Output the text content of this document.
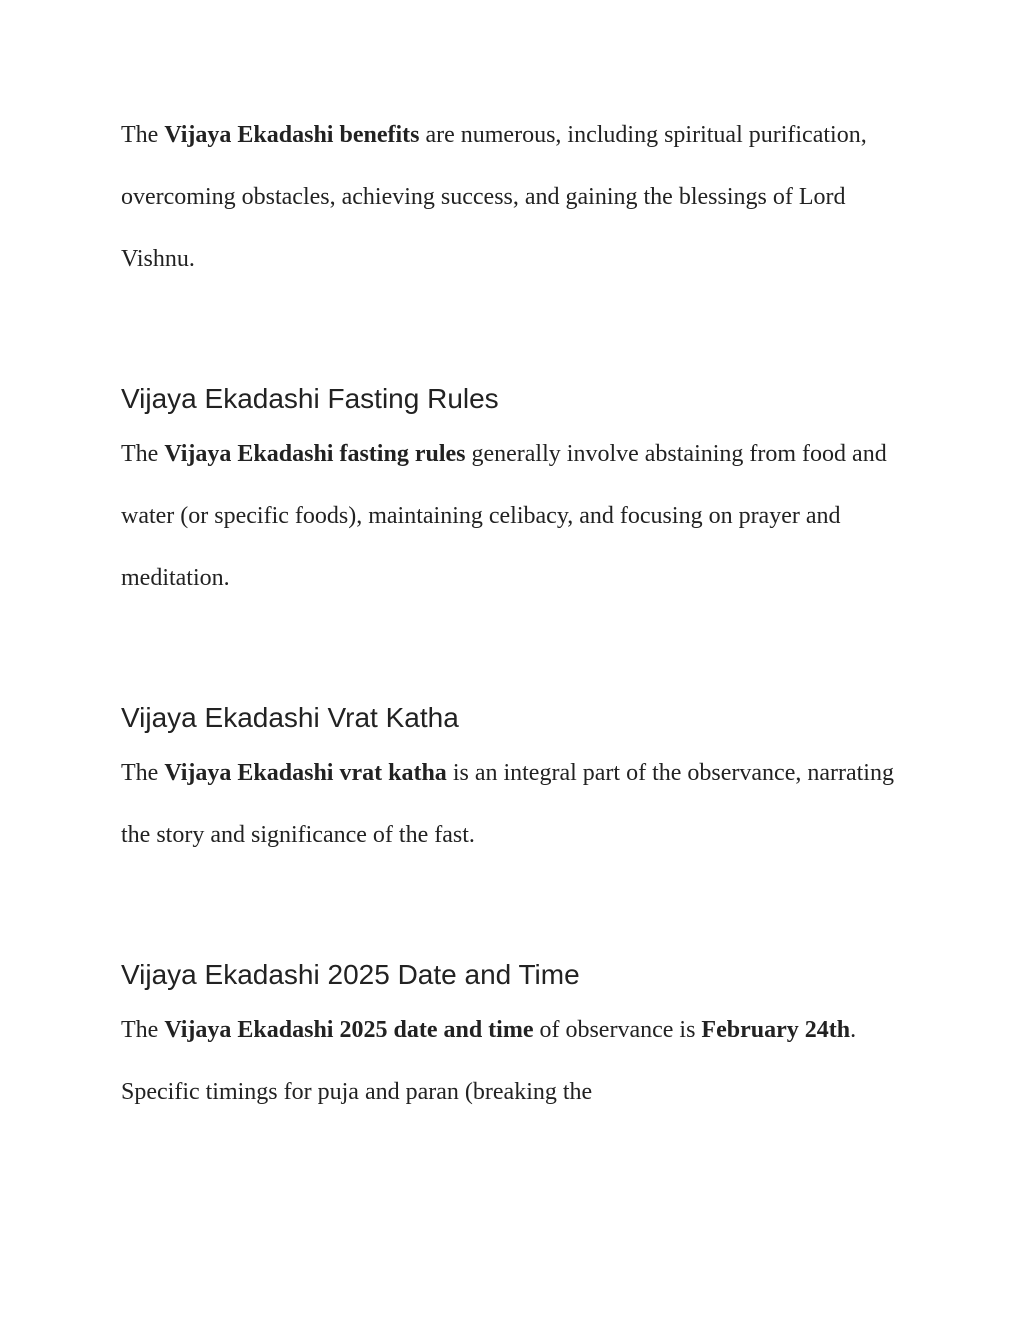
The Vijaya Ekadashi benefits are numerous, including spiritual purification, overcoming obstacles, achieving success, and gaining the blessings of Lord Vishnu.

Vijaya Ekadashi Fasting Rules

The Vijaya Ekadashi fasting rules generally involve abstaining from food and water (or specific foods), maintaining celibacy, and focusing on prayer and meditation.

Vijaya Ekadashi Vrat Katha

The Vijaya Ekadashi vrat katha is an integral part of the observance, narrating the story and significance of the fast.

Vijaya Ekadashi 2025 Date and Time

The Vijaya Ekadashi 2025 date and time of observance is February 24th. Specific timings for puja and paran (breaking the
